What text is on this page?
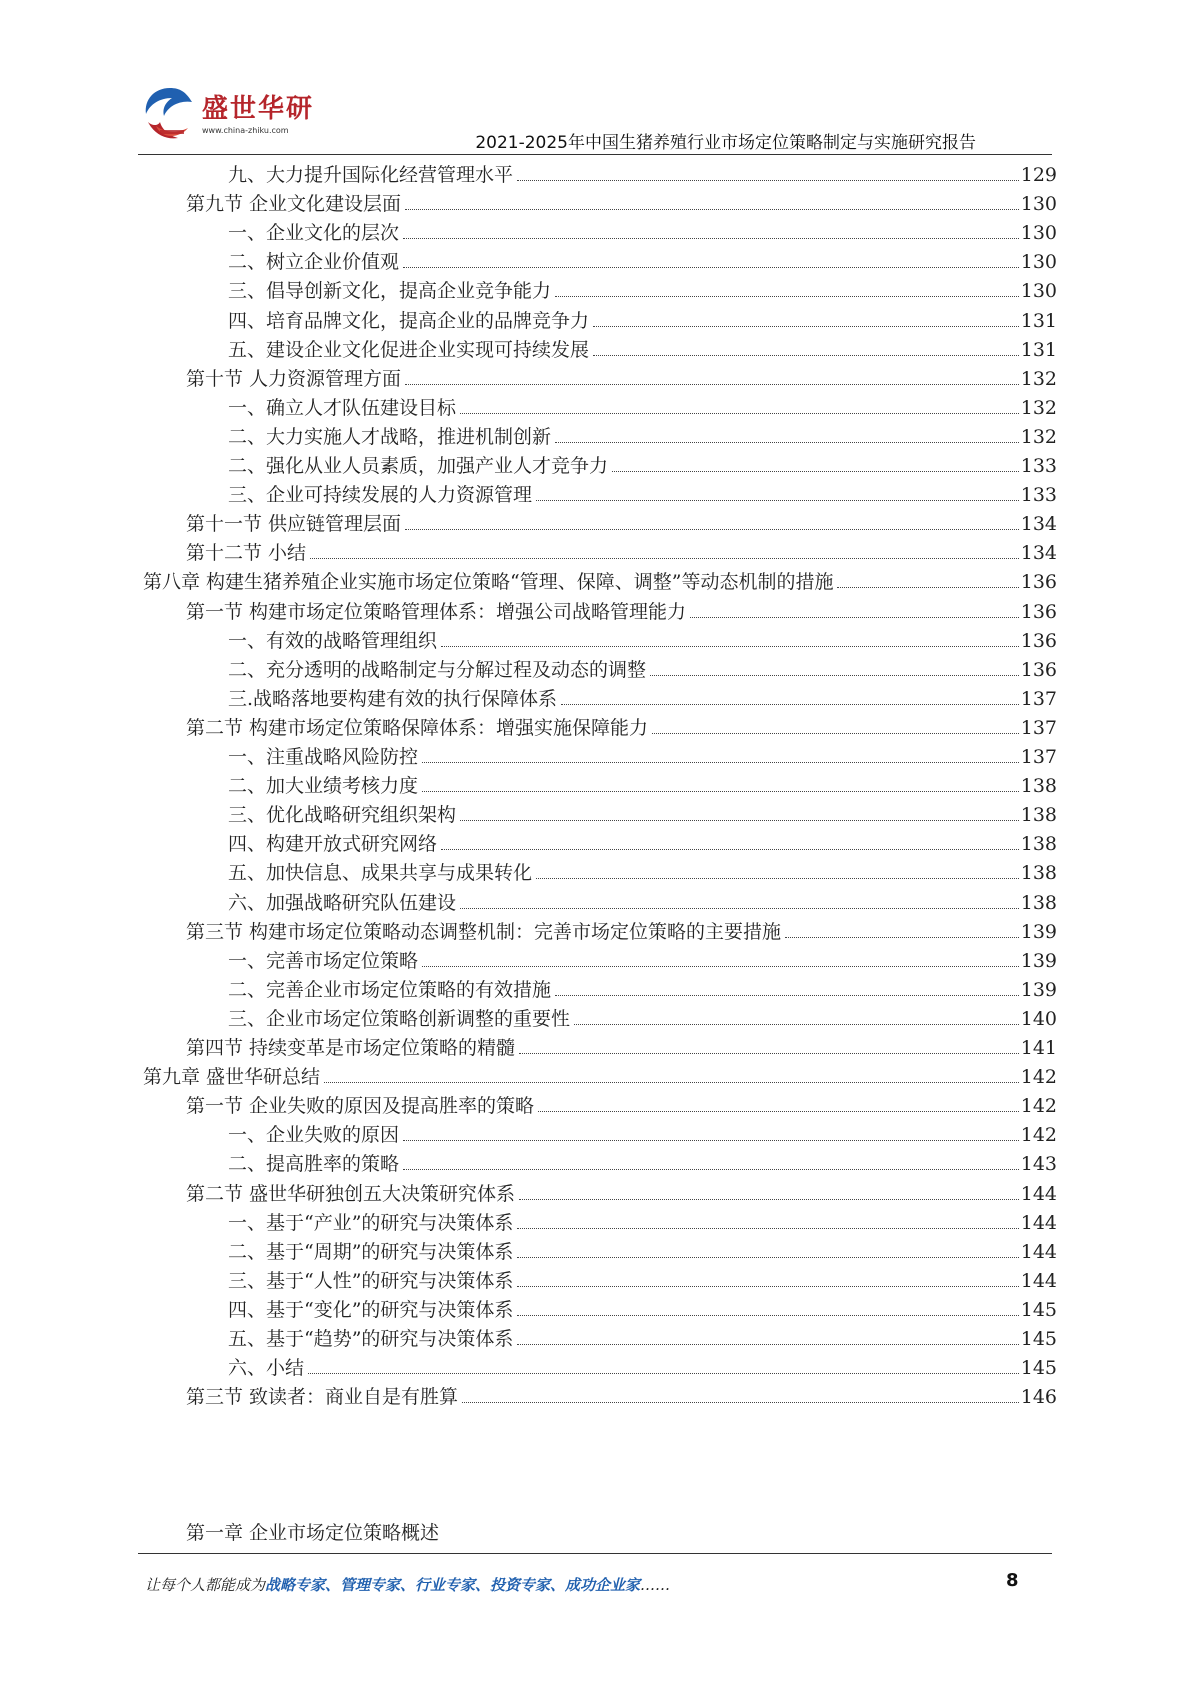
盛世华研
www.china-zhiku.com
2021-2025年中国生猪养殖行业市场定位策略制定与实施研究报告
九、大力提升国际化经营管理水平	129
第九节 企业文化建设层面	130
一、企业文化的层次	130
二、树立企业价值观	130
三、倡导创新文化，提高企业竞争能力	130
四、培育品牌文化，提高企业的品牌竞争力	131
五、建设企业文化促进企业实现可持续发展	131
第十节 人力资源管理方面	132
一、确立人才队伍建设目标	132
二、大力实施人才战略，推进机制创新	132
二、强化从业人员素质，加强产业人才竞争力	133
三、企业可持续发展的人力资源管理	133
第十一节 供应链管理层面	134
第十二节 小结	134
第八章 构建生猪养殖企业实施市场定位策略“管理、保障、调整”等动态机制的措施	136
第一节 构建市场定位策略管理体系：增强公司战略管理能力	136
一、有效的战略管理组织	136
二、充分透明的战略制定与分解过程及动态的调整	136
三.战略落地要构建有效的执行保障体系	137
第二节 构建市场定位策略保障体系：增强实施保障能力	137
一、注重战略风险防控	137
二、加大业绩考核力度	138
三、优化战略研究组织架构	138
四、构建开放式研究网络	138
五、加快信息、成果共享与成果转化	138
六、加强战略研究队伍建设	138
第三节 构建市场定位策略动态调整机制：完善市场定位策略的主要措施	139
一、完善市场定位策略	139
二、完善企业市场定位策略的有效措施	139
三、企业市场定位策略创新调整的重要性	140
第四节 持续变革是市场定位策略的精髓	141
第九章 盛世华研总结	142
第一节 企业失败的原因及提高胜率的策略	142
一、企业失败的原因	142
二、提高胜率的策略	143
第二节 盛世华研独创五大决策研究体系	144
一、基于“产业”的研究与决策体系	144
二、基于“周期”的研究与决策体系	144
三、基于“人性”的研究与决策体系	144
四、基于“变化”的研究与决策体系	145
五、基于“趋势”的研究与决策体系	145
六、小结	145
第三节 致读者：商业自是有胜算	146
第一章 企业市场定位策略概述
让每个人都能成为战略专家、管理专家、行业专家、投资专家、成功企业家……	8
